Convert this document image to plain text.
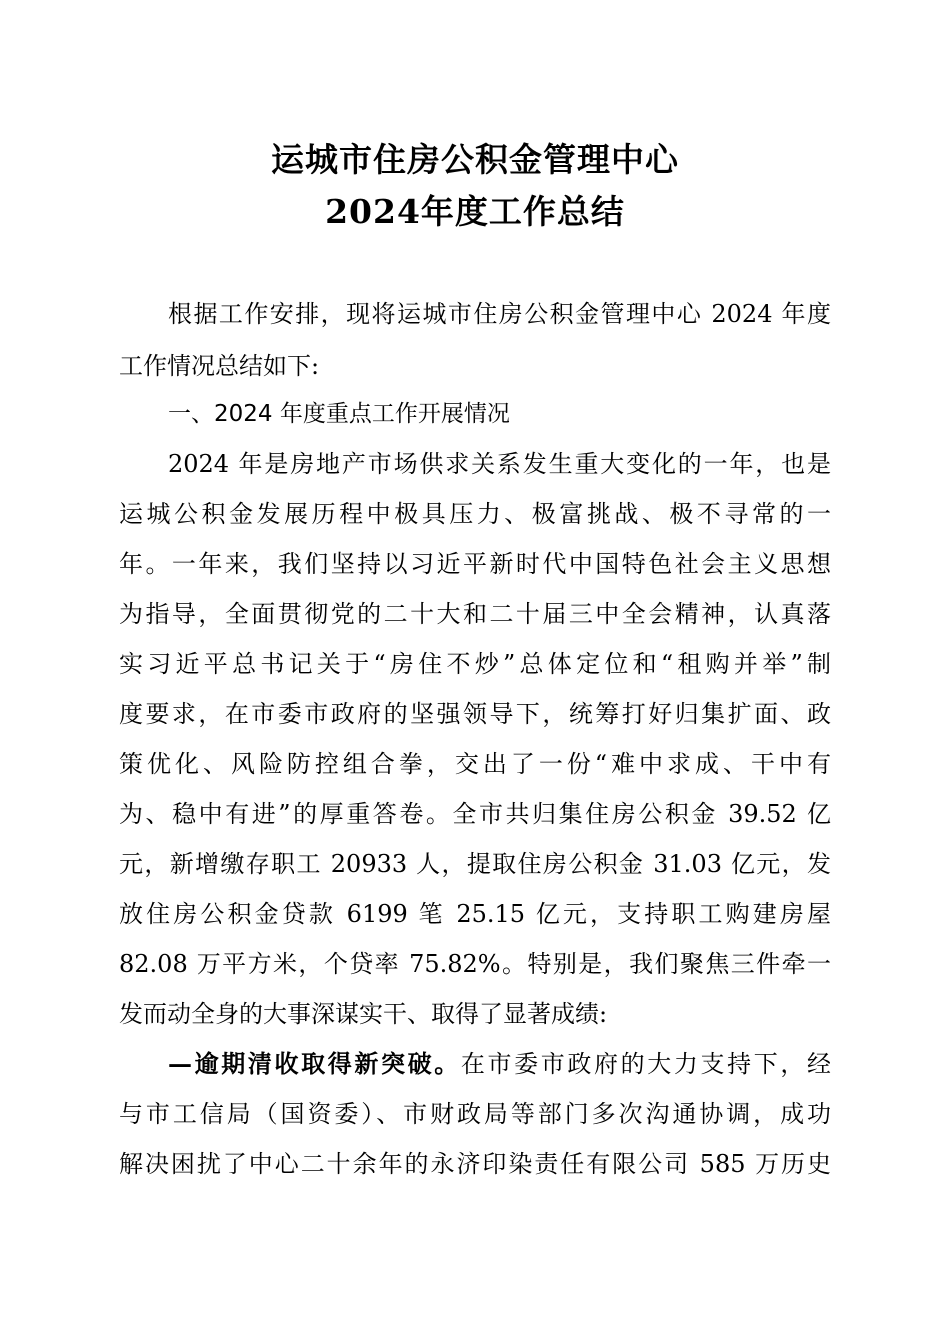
运城市住房公积金管理中心
2024年度工作总结
根据工作安排，现将运城市住房公积金管理中心 2024 年度
工作情况总结如下:
一、2024 年度重点工作开展情况
2024 年是房地产市场供求关系发生重大变化的一年，也是
运城公积金发展历程中极具压力、极富挑战、极不寻常的一
年。一年来，我们坚持以习近平新时代中国特色社会主义思想
为指导，全面贯彻党的二十大和二十届三中全会精神，认真落
实习近平总书记关于“房住不炒”总体定位和“租购并举”制
度要求，在市委市政府的坚强领导下，统筹打好归集扩面、政
策优化、风险防控组合拳，交出了一份“难中求成、干中有
为、稳中有进”的厚重答卷。全市共归集住房公积金 39.52 亿
元，新增缴存职工 20933 人，提取住房公积金 31.03 亿元，发
放住房公积金贷款 6199 笔 25.15 亿元，支持职工购建房屋
82.08 万平方米，个贷率 75.82%。特别是，我们聚焦三件牵一
发而动全身的大事深谋实干、取得了显著成绩:
—逾期清收取得新突破。在市委市政府的大力支持下，经
与市工信局（国资委）、市财政局等部门多次沟通协调，成功
解决困扰了中心二十余年的永济印染责任有限公司 585 万历史
